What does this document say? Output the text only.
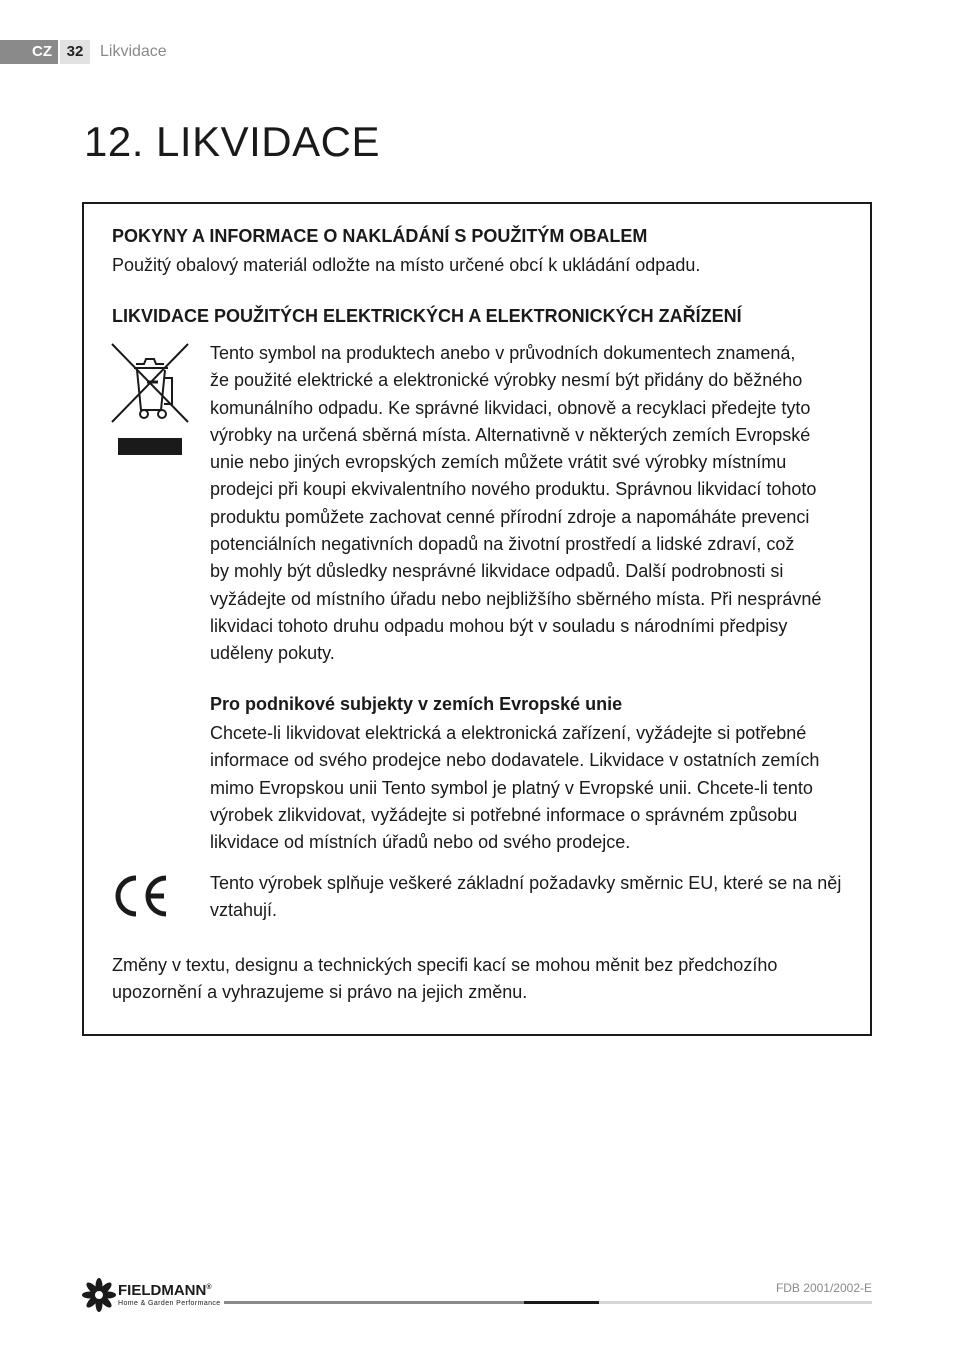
CZ 32	Likvidace
12. LIKVIDACE

POKYNY A INFORMACE O NAKLÁDÁNÍ S POUŽITÝM OBALEM

Použitý obalový materiál odložte na místo určené obcí k ukládání odpadu.

LIKVIDACE POUŽITÝCH ELEKTRICKÝCH A ELEKTRONICKÝCH ZAŘÍZENÍ

Tento symbol na produktech anebo v průvodních dokumentech znamená,
že použité elektrické a elektronické výrobky nesmí být přidány do běžného
komunálního odpadu. Ke správné likvidaci, obnově a recyklaci předejte tyto
výrobky na určená sběrná místa. Alternativně v některých zemích Evropské
unie nebo jiných evropských zemích můžete vrátit své výrobky místnímu
prodejci při koupi ekvivalentního nového produktu. Správnou likvidací tohoto
produktu pomůžete zachovat cenné přírodní zdroje a napomáháte prevenci
potenciálních negativních dopadů na životní prostředí a lidské zdraví, což
by mohly být důsledky nesprávné likvidace odpadů. Další podrobnosti si
vyžádejte od místního úřadu nebo nejbližšího sběrného místa. Při nesprávné
likvidaci tohoto druhu odpadu mohou být v souladu s národními předpisy
uděleny pokuty.

Pro podnikové subjekty v zemích Evropské unie

Chcete-li likvidovat elektrická a elektronická zařízení, vyžádejte si potřebné
informace od svého prodejce nebo dodavatele. Likvidace v ostatních zemích
mimo Evropskou unii Tento symbol je platný v Evropské unii. Chcete-li tento
výrobek zlikvidovat, vyžádejte si potřebné informace o správném způsobu
likvidace od místních úřadů nebo od svého prodejce.
Tento výrobek splňuje veškeré základní požadavky směrnic EU, které se na něj
vztahují.
Změny v textu, designu a technických specifi kací se mohou měnit bez předchozího
upozornění a vyhrazujeme si právo na jejich změnu.
FIELDMANN®
Home & Garden Performance
FDB 2001/2002-E
